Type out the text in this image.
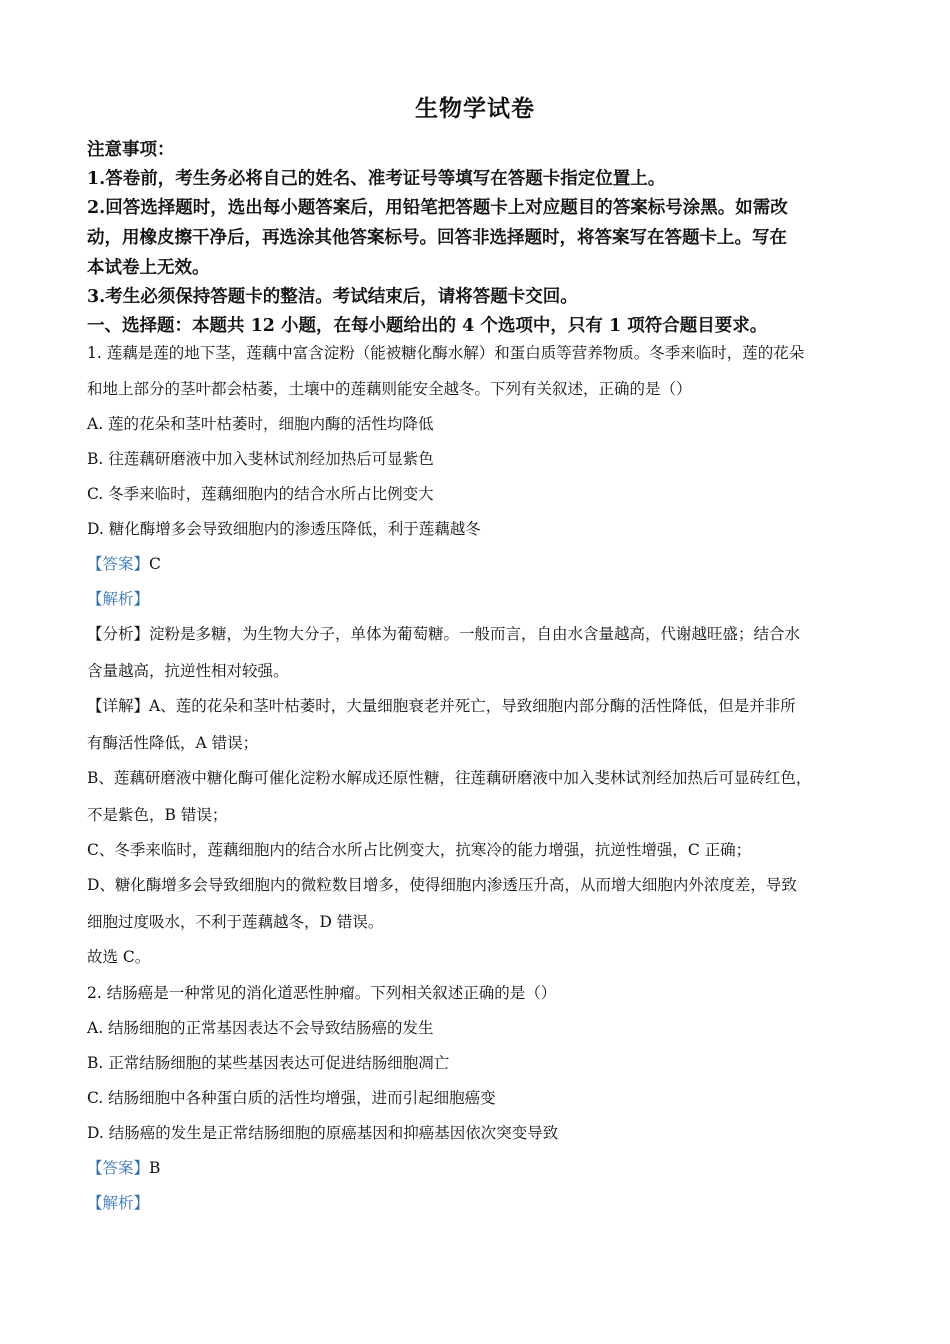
生物学试卷
注意事项：
1.答卷前，考生务必将自己的姓名、准考证号等填写在答题卡指定位置上。
2.回答选择题时，选出每小题答案后，用铅笔把答题卡上对应题目的答案标号涂黑。如需改
动，用橡皮擦干净后，再选涂其他答案标号。回答非选择题时，将答案写在答题卡上。写在
本试卷上无效。
3.考生必须保持答题卡的整洁。考试结束后，请将答题卡交回。
一、选择题：本题共 12 小题，在每小题给出的 4 个选项中，只有 1 项符合题目要求。
1. 莲藕是莲的地下茎，莲藕中富含淀粉（能被糖化酶水解）和蛋白质等营养物质。冬季来临时，莲的花朵
和地上部分的茎叶都会枯萎，土壤中的莲藕则能安全越冬。下列有关叙述，正确的是（）
A. 莲的花朵和茎叶枯萎时，细胞内酶的活性均降低
B. 往莲藕研磨液中加入斐林试剂经加热后可显紫色
C. 冬季来临时，莲藕细胞内的结合水所占比例变大
D. 糖化酶增多会导致细胞内的渗透压降低，利于莲藕越冬
【答案】C
【解析】
【分析】淀粉是多糖，为生物大分子，单体为葡萄糖。一般而言，自由水含量越高，代谢越旺盛；结合水
含量越高，抗逆性相对较强。
【详解】A、莲的花朵和茎叶枯萎时，大量细胞衰老并死亡，导致细胞内部分酶的活性降低，但是并非所
有酶活性降低，A 错误；
B、莲藕研磨液中糖化酶可催化淀粉水解成还原性糖，往莲藕研磨液中加入斐林试剂经加热后可显砖红色，
不是紫色，B 错误；
C、冬季来临时，莲藕细胞内的结合水所占比例变大，抗寒冷的能力增强，抗逆性增强，C 正确；
D、糖化酶增多会导致细胞内的微粒数目增多，使得细胞内渗透压升高，从而增大细胞内外浓度差，导致
细胞过度吸水，不利于莲藕越冬，D 错误。
故选 C。
2. 结肠癌是一种常见的消化道恶性肿瘤。下列相关叙述正确的是（）
A. 结肠细胞的正常基因表达不会导致结肠癌的发生
B. 正常结肠细胞的某些基因表达可促进结肠细胞凋亡
C. 结肠细胞中各种蛋白质的活性均增强，进而引起细胞癌变
D. 结肠癌的发生是正常结肠细胞的原癌基因和抑癌基因依次突变导致
【答案】B
【解析】
